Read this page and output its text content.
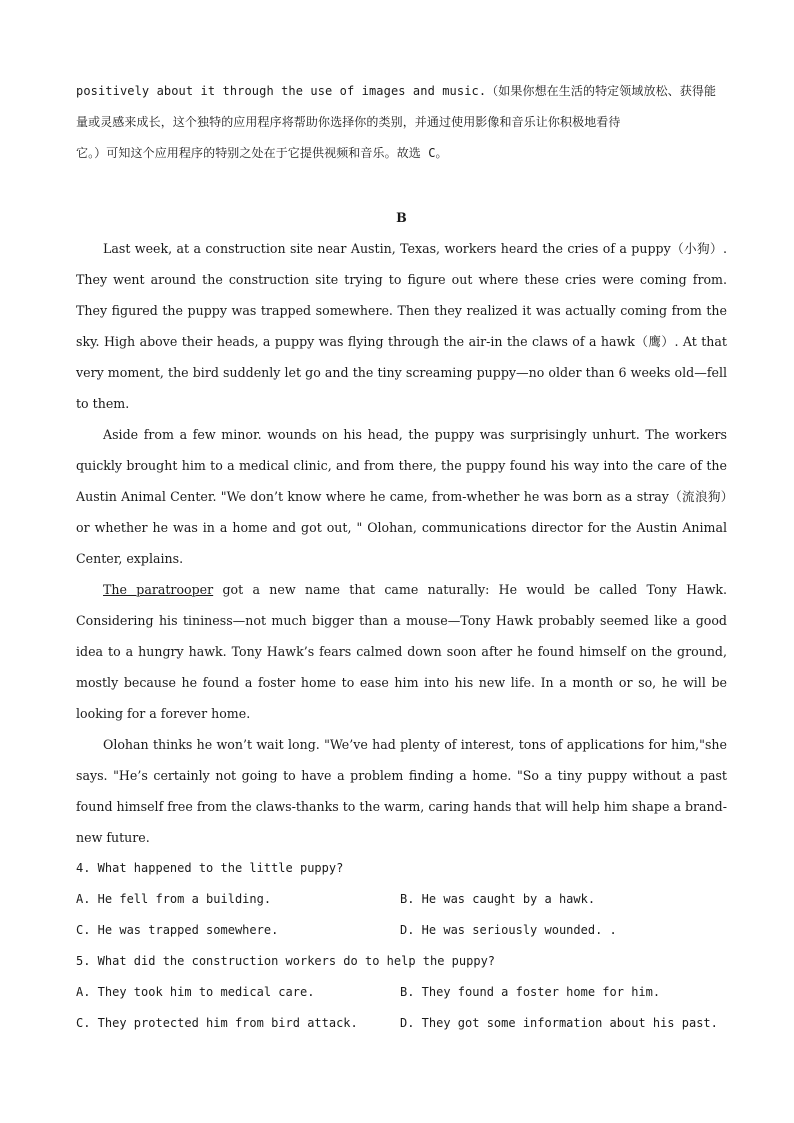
positively about it through the use of images and music.（如果你想在生活的特定领域放松、获得能

量或灵感来成长，这个独特的应用程序将帮助你选择你的类别，并通过使用影像和音乐让你积极地看待

它。）可知这个应用程序的特别之处在于它提供视频和音乐。故选 C。

B

Last week, at a construction site near Austin, Texas, workers heard the cries of a puppy（小狗）. They went around the construction site trying to figure out where these cries were coming from. They figured the puppy was trapped somewhere. Then they realized it was actually coming from the sky. High above their heads, a puppy was flying through the air-in the claws of a hawk（鹰）. At that very moment, the bird suddenly let go and the tiny screaming puppy—no older than 6 weeks old—fell to them.

Aside from a few minor. wounds on his head, the puppy was surprisingly unhurt. The workers quickly brought him to a medical clinic, and from there, the puppy found his way into the care of the Austin Animal Center. "We don’t know where he came, from-whether he was born as a stray（流浪狗）or whether he was in a home and got out, " Olohan, communications director for the Austin Animal Center, explains.

The paratrooper got a new name that came naturally: He would be called Tony Hawk. Considering his tininess—not much bigger than a mouse—Tony Hawk probably seemed like a good idea to a hungry hawk. Tony Hawk’s fears calmed down soon after he found himself on the ground, mostly because he found a foster home to ease him into his new life. In a month or so, he will be looking for a forever home.

Olohan thinks he won’t wait long. "We’ve had plenty of interest, tons of applications for him,"she says. "He’s certainly not going to have a problem finding a home. "So a tiny puppy without a past found himself free from the claws-thanks to the warm, caring hands that will help him shape a brand-new future.

4. What happened to the little puppy?

A. He fell from a building.	B. He was caught by a hawk.
C. He was trapped somewhere.	D. He was seriously wounded. .

5. What did the construction workers do to help the puppy?

A. They took him to medical care.	B. They found a foster home for him.
C. They protected him from bird attack.	D. They got some information about his past.
